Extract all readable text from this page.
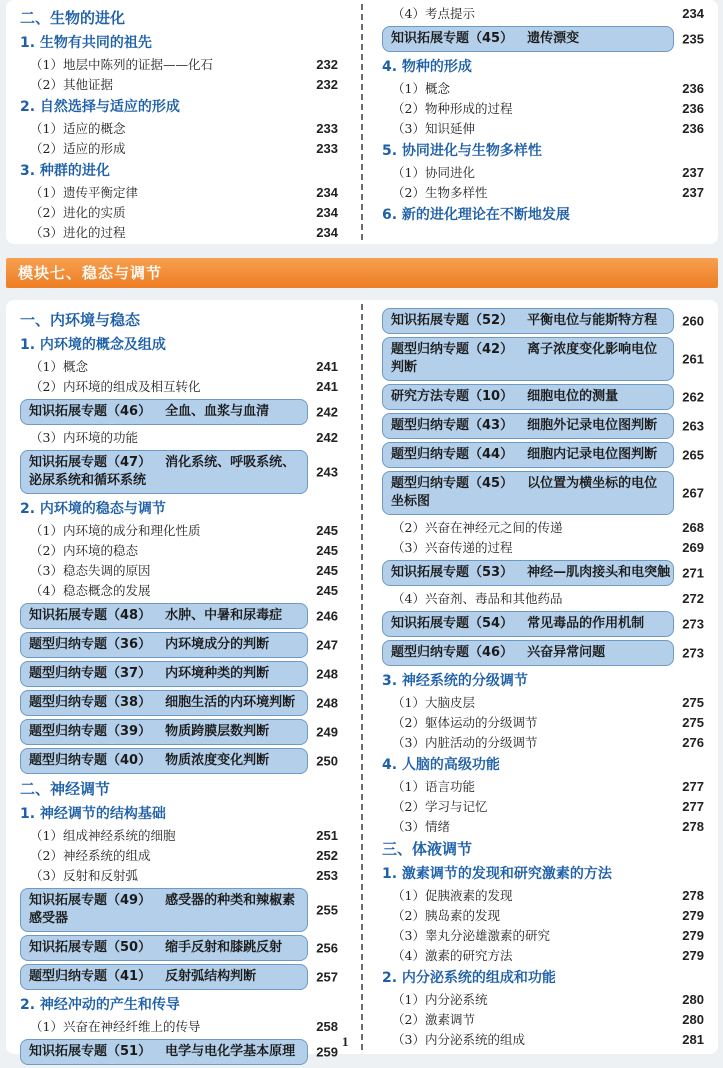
二、生物的进化
1. 生物有共同的祖先
（1）地层中陈列的证据——化石	232
（2）其他证据	232
2. 自然选择与适应的形成
（1）适应的概念	233
（2）适应的形成	233
3. 种群的进化
（1）遗传平衡定律	234
（2）进化的实质	234
（3）进化的过程	234
（4）考点提示	234
知识拓展专题（45） 遗传漂变	235
4. 物种的形成
（1）概念	236
（2）物种形成的过程	236
（3）知识延伸	236
5. 协同进化与生物多样性
（1）协同进化	237
（2）生物多样性	237
6. 新的进化理论在不断地发展
模块七、稳态与调节
一、内环境与稳态
1. 内环境的概念及组成
（1）概念	241
（2）内环境的组成及相互转化	241
知识拓展专题（46） 全血、血浆与血清	242
（3）内环境的功能	242
知识拓展专题（47） 消化系统、呼吸系统、泌尿系统和循环系统
243
2. 内环境的稳态与调节
（1）内环境的成分和理化性质	245
（2）内环境的稳态	245
（3）稳态失调的原因	245
（4）稳态概念的发展	245
知识拓展专题（48） 水肿、中暑和尿毒症	246
题型归纳专题（36） 内环境成分的判断	247
题型归纳专题（37） 内环境种类的判断	248
题型归纳专题（38） 细胞生活的内环境判断	248
题型归纳专题（39） 物质跨膜层数判断	249
题型归纳专题（40） 物质浓度变化判断	250
二、神经调节
1. 神经调节的结构基础
（1）组成神经系统的细胞	251
（2）神经系统的组成	252
（3）反射和反射弧	253
知识拓展专题（49） 感受器的种类和辣椒素感受器
255
知识拓展专题（50） 缩手反射和膝跳反射	256
题型归纳专题（41） 反射弧结构判断	257
2. 神经冲动的产生和传导
（1）兴奋在神经纤维上的传导	258
知识拓展专题（51） 电学与电化学基本原理	259
知识拓展专题（52） 平衡电位与能斯特方程	260
题型归纳专题（42） 离子浓度变化影响电位判断
261
研究方法专题（10） 细胞电位的测量	262
题型归纳专题（43） 细胞外记录电位图判断	263
题型归纳专题（44） 细胞内记录电位图判断	265
题型归纳专题（45） 以位置为横坐标的电位坐标图
267
（2）兴奋在神经元之间的传递	268
（3）兴奋传递的过程	269
知识拓展专题（53） 神经—肌肉接头和电突触 271
（4）兴奋剂、毒品和其他药品	272
知识拓展专题（54） 常见毒品的作用机制	273
题型归纳专题（46） 兴奋异常问题	273
3. 神经系统的分级调节
（1）大脑皮层	275
（2）躯体运动的分级调节	275
（3）内脏活动的分级调节	276
4. 人脑的高级功能
（1）语言功能	277
（2）学习与记忆	277
（3）情绪	278
三、体液调节
1. 激素调节的发现和研究激素的方法
（1）促胰液素的发现	278
（2）胰岛素的发现	279
（3）睾丸分泌雄激素的研究	279
（4）激素的研究方法	279
2. 内分泌系统的组成和功能
（1）内分泌系统	280
（2）激素调节	280
（3）内分泌系统的组成	281
1
